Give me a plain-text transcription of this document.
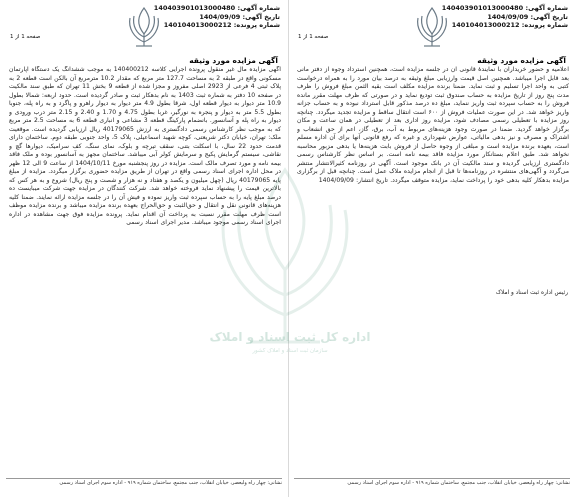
شماره آگهی: 140403901013000480
تاریخ آگهی: 1404/09/09
شماره پرونده: 140104013000212
صفحه 1 از 1
آگهی مزایده مورد وثیقه
اعلامیه و حضور خریداران با نمایندۀ قانونی آن در جلسه مزایده است، همچنین استرداد وجوه از دفتر مانی بعد قابل اجرا میباشد. همچنین اصل قیمت وارزیابی مبلغ وثیقه به درصد بیان مورد را به همراه درخواست کتبی به واحد اجرا تسلیم و ثبت نماید. ضمنا برنده مزایده مکلف است بقیه الثمن مبلغ فروش را ظرف مدت پنج روز از تاریخ مزایده به حساب صندوق ثبت تودیع نماید و در صورتی که ظرف مهلت مقرر مانده فروش را به حساب سپرده ثبت واریز ننماید، مبلغ ده درصد مذکور قابل استرداد نبوده و به حساب جزانه واریز خواهد شد. در این صورت عملیات فروش از ۶۰۰ است انتقال ساقط و مزایده تجدید میگردد. چنانچه روز مزایده با تعطیلی رسمی مصادف شود، مزایده روز اداری بعد از تعطیلی در همان ساعت و مکان برگزار خواهد گردید. ضمنا در صورت وجود هزینه‌های مربوط به آب، برق، گاز، اعم از حق انشعاب و اشتراک و مصرف و نیز بدهی مالیاتی، عوارض شهرداری و غیره که رفع قانونی آنها برای آن اداره مسلم است، بعهده برنده مزایده است و مبلغی از وجوه حاصل از فروش بابت هزینه‌ها یا بدهی مزبور محاسبه نخواهد شد. طبق اعلام بستانکار مورد مزایده فاقد بیمه نامه است. بر اساس نظر کارشناس رسمی دادگستری ارزیابی گردیده و سند مالکیت آن در بانک موجود است. آگهی در روزنامه کثیرالانتشار منتشر می‌گردد و آگهی‌های منتشره در روزنامه‌ها تا قبل از انجام مزایده ملاک عمل است. چنانچه قبل از برگزاری مزایده بدهکار کلیه بدهی خود را پرداخت نماید، مزایده متوقف میگردد. تاریخ انتشار: 1404/09/09
رئیس اداره ثبت اسناد و املاک
نشانی: چهار راه ولیعصر، خیابان انقلاب، جنب مجتمع، ساختمان شماره ۹۱۹ - اداره سوم اجرای اسناد رسمی
شماره آگهی: 140403901013000480
تاریخ آگهی: 1404/09/09
شماره پرونده: 140104013000212
صفحه 1 از 1
آگهی مزایده مورد وثیقه
آگهی مزایده مال غیر منقول پرونده اجرایی کلاسه 140400212 به موجب ششدانگ یک دستگاه آپارتمان مسکونی واقع در طبقه 2 به مساحت 127.7 متر مربع که مقدار 10.2 مترمربع آن بالکن است قطعه 2 به پلاک ثبتی 4 فرعی از 2923 اصلی مفروز و مجزا شده از قطعه 9 بخش 11 تهران که طبق سند مالکیت در صفحه 10 دفتر به شماره ثبت 1403 به نام بدهکار ثبت و صادر گردیده است. حدود اربعه: شمالا بطول 10.9 متر دیوار به دیوار قطعه اول، شرقا بطول 4.9 متر دیوار به دیوار راهرو و پاگرد و به راه پله، جنوبا بطول 5.5 متر به دیوار و پنجره به نورگیر، غربا بطول 4.75 و 1.70 و 2.40 و 2.15 متر درب ورودی و دیوار به راه پله و آسانسور. بانضمام پارکینگ قطعه 3 مشاعی و انباری قطعه 6 به مساحت 2.5 متر مربع که به موجب نظر کارشناس رسمی دادگستری به ارزش 40179065 ریال ارزیابی گردیده است. موقعیت ملک: تهران، خیابان دکتر شریعتی، کوچه شهید اسماعیلی، پلاک 5، واحد جنوبی طبقه دوم. ساختمان دارای قدمت حدود 22 سال، با اسکلت بتنی، سقف تیرچه و بلوک، نمای سنگ، کف سرامیک، دیوارها گچ و نقاشی، سیستم گرمایش پکیج و سرمایش کولر آبی میباشد. ساختمان مجهز به آسانسور بوده و ملک فاقد بیمه نامه و مورد تصرف مالک است. مزایده در روز پنجشنبه مورخ 1404/10/11 از ساعت 9 الی 12 ظهر در محل اداره اجرای اسناد رسمی واقع در تهران از طریق مزایده حضوری برگزار میگردد. مزایده از مبلغ پایه 40179065 ریال (چهل میلیون و یکصد و هفتاد و نه هزار و شصت و پنج ریال) شروع و به هر کس که بالاترین قیمت را پیشنهاد نماید فروخته خواهد شد. شرکت کنندگان در مزایده جهت شرکت میبایست ده درصد مبلغ پایه را به حساب سپرده ثبت واریز نموده و فیش آن را در جلسه مزایده ارائه نمایند. ضمنا کلیه هزینه‌های قانونی نقل و انتقال و حق‌الثبت و حق‌الحراج بعهده برنده مزایده میباشد و برنده مزایده موظف است ظرف مهلت مقرر نسبت به پرداخت آن اقدام نماید. پرونده مزایده فوق جهت مشاهده در اداره اجرای اسناد رسمی موجود میباشد. مدیر اجرای اسناد رسمی
نشانی: چهار راه ولیعصر، خیابان انقلاب، جنب مجتمع، ساختمان شماره ۹۱۹ - اداره سوم اجرای اسناد رسمی
اداره کل ثبت اسناد و املاک
سازمان ثبت اسناد و املاک کشور
